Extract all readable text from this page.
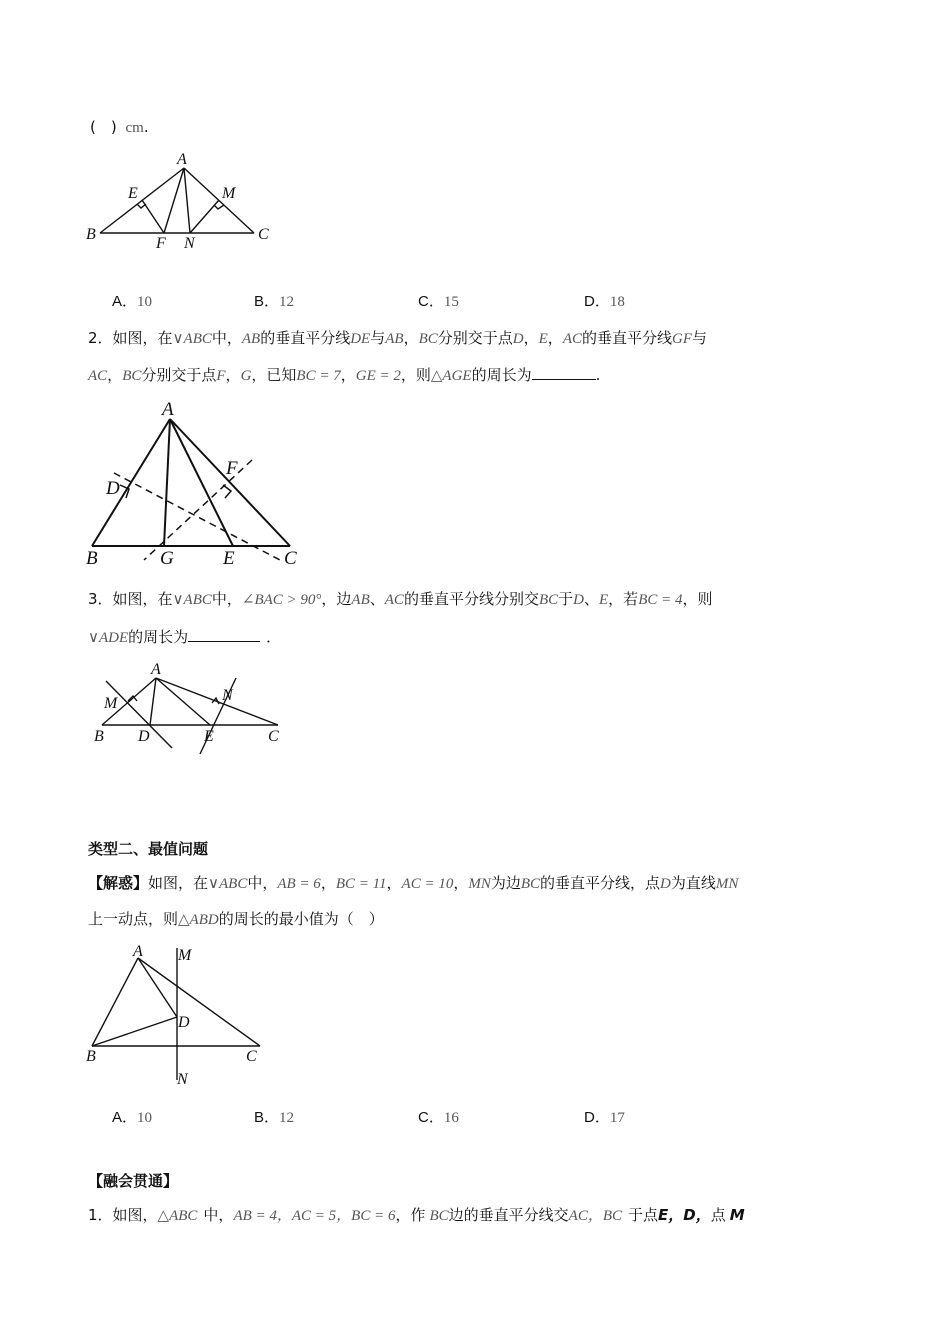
(　) cm.
A
B	C
E	M
F N
A．10	B．12	C．15	D．18
2．如图，在∨ABC中，AB的垂直平分线DE与AB，BC分别交于点D，E，AC的垂直平分线GF与
AC，BC分别交于点F，G，已知BC = 7，GE = 2，则△AGE的周长为	.
A
B	C
D
E
F
G
3．如图，在∨ABC中，∠BAC > 90°，边AB、AC的垂直平分线分别交BC于D、E，若BC = 4，则
∨ADE的周长为	．
A
B	C
D	E
M	N
类型二、最值问题
【解惑】如图，在∨ABC中，AB = 6，BC = 11，AC = 10，MN为边BC的垂直平分线，点D为直线MN
上一动点，则△ABD的周长的最小值为（　）
A
B	C
D
M
N
A．10	B．12	C．16	D．17
【融会贯通】
1．如图，△ABC 中，AB = 4，AC = 5，BC = 6，作 BC边的垂直平分线交AC，BC 于点E，D，点 M
